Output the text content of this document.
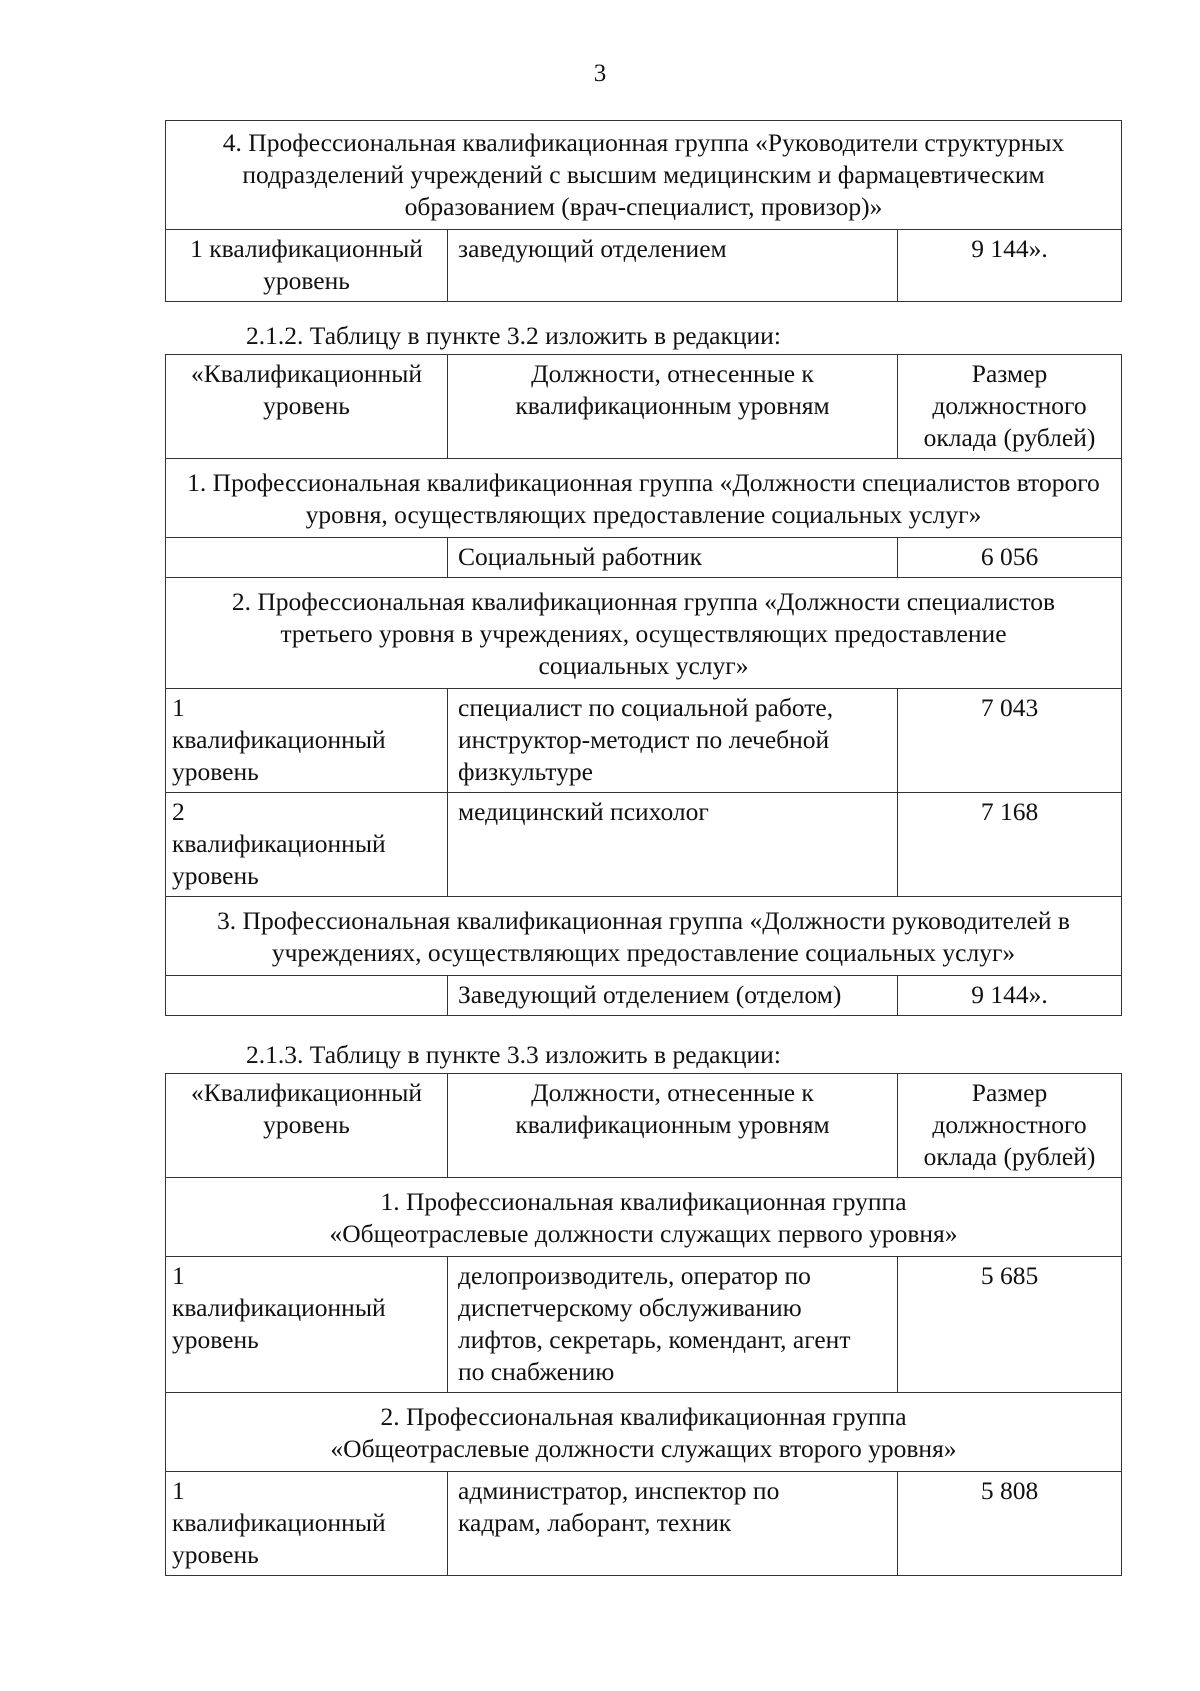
3
4. Профессиональная квалификационная группа «Руководители структурных подразделений учреждений с высшим медицинским и фармацевтическим образованием (врач-специалист, провизор)»
1 квалификационный уровень	заведующий отделением	9 144».
2.1.2. Таблицу в пункте 3.2 изложить в редакции:
«Квалификационный уровень	Должности, отнесенные к квалификационным уровням	Размер должностного оклада (рублей)
1. Профессиональная квалификационная группа «Должности специалистов второго уровня, осуществляющих предоставление социальных услуг»		
	Социальный работник	6 056
2. Профессиональная квалификационная группа «Должности специалистов третьего уровня в учреждениях, осуществляющих предоставление социальных услуг»		
1 квалификационный уровень	специалист по социальной работе, инструктор-методист по лечебной физкультуре	7 043
2 квалификационный уровень	медицинский психолог	7 168
3. Профессиональная квалификационная группа «Должности руководителей в учреждениях, осуществляющих предоставление социальных услуг»		
	Заведующий отделением (отделом)	9 144».
2.1.3. Таблицу в пункте 3.3 изложить в редакции:
«Квалификационный уровень	Должности, отнесенные к квалификационным уровням	Размер должностного оклада (рублей)
1. Профессиональная квалификационная группа «Общеотраслевые должности служащих первого уровня»		
1 квалификационный уровень	делопроизводитель, оператор по диспетчерскому обслуживанию лифтов, секретарь, комендант, агент по снабжению	5 685
2. Профессиональная квалификационная группа «Общеотраслевые должности служащих второго уровня»		
1 квалификационный уровень	администратор, инспектор по кадрам, лаборант, техник	5 808
